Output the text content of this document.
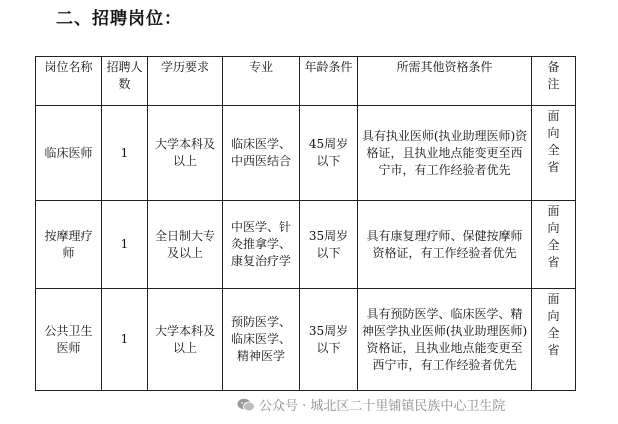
二、招聘岗位：
岗位名称	招聘人数	学历要求	专业	年龄条件	所需其他资格条件	备注
临床医师	1	大学本科及以上	临床医学、中西医结合	45周岁以下	具有执业医师(执业助理医师)资格证，且执业地点能变更至西宁市，有工作经验者优先	面向全省
按摩理疗师	1	全日制大专及以上	中医学、针灸推拿学、康复治疗学	35周岁以下	具有康复理疗师、保健按摩师资格证，有工作经验者优先	面向全省
公共卫生医师	1	大学本科及以上	预防医学、临床医学、精神医学	35周岁以下	具有预防医学、临床医学、精神医学执业医师(执业助理医师)资格证，且执业地点能变更至西宁市，有工作经验者优先	面向全省
公众号 · 城北区二十里铺镇民族中心卫生院
